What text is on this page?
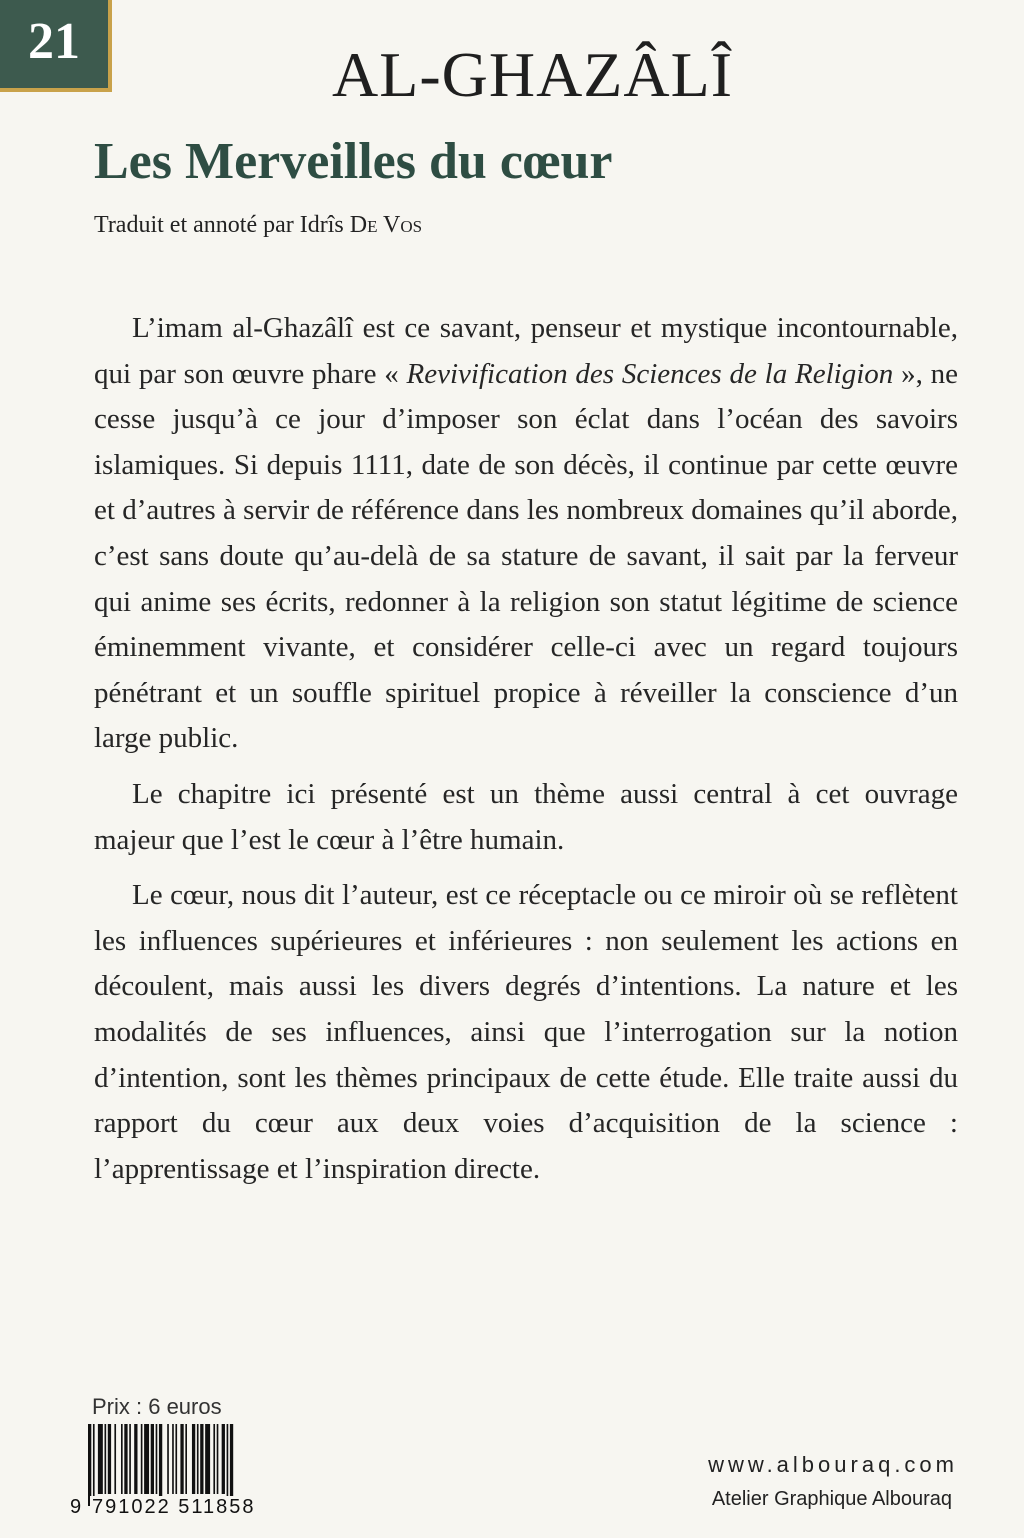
21	AL-GHAZÂLÎ
Les Merveilles du cœur
Traduit et annoté par Idrîs De Vos

L’imam al-Ghazâlî est ce savant, penseur et mystique incontournable, qui par son œuvre phare « Revivification des Sciences de la Religion », ne cesse jusqu’à ce jour d’imposer son éclat dans l’océan des savoirs islamiques. Si depuis 1111, date de son décès, il continue par cette œuvre et d’autres à servir de référence dans les nombreux domaines qu’il aborde, c’est sans doute qu’au-delà de sa stature de savant, il sait par la ferveur qui anime ses écrits, redonner à la religion son statut légitime de science éminemment vivante, et considérer celle-ci avec un regard toujours pénétrant et un souffle spirituel propice à réveiller la conscience d’un large public.

Le chapitre ici présenté est un thème aussi central à cet ouvrage majeur que l’est le cœur à l’être humain.

Le cœur, nous dit l’auteur, est ce réceptacle ou ce miroir où se reflètent les influences supérieures et inférieures : non seulement les actions en découlent, mais aussi les divers degrés d’intentions. La nature et les modalités de ses influences, ainsi que l’interrogation sur la notion d’intention, sont les thèmes principaux de cette étude. Elle traite aussi du rapport du cœur aux deux voies d’acquisition de la science : l’apprentissage et l’inspiration directe.

Prix : 6 euros
9 791022 511858
www.albouraq.com
Atelier Graphique Albouraq
